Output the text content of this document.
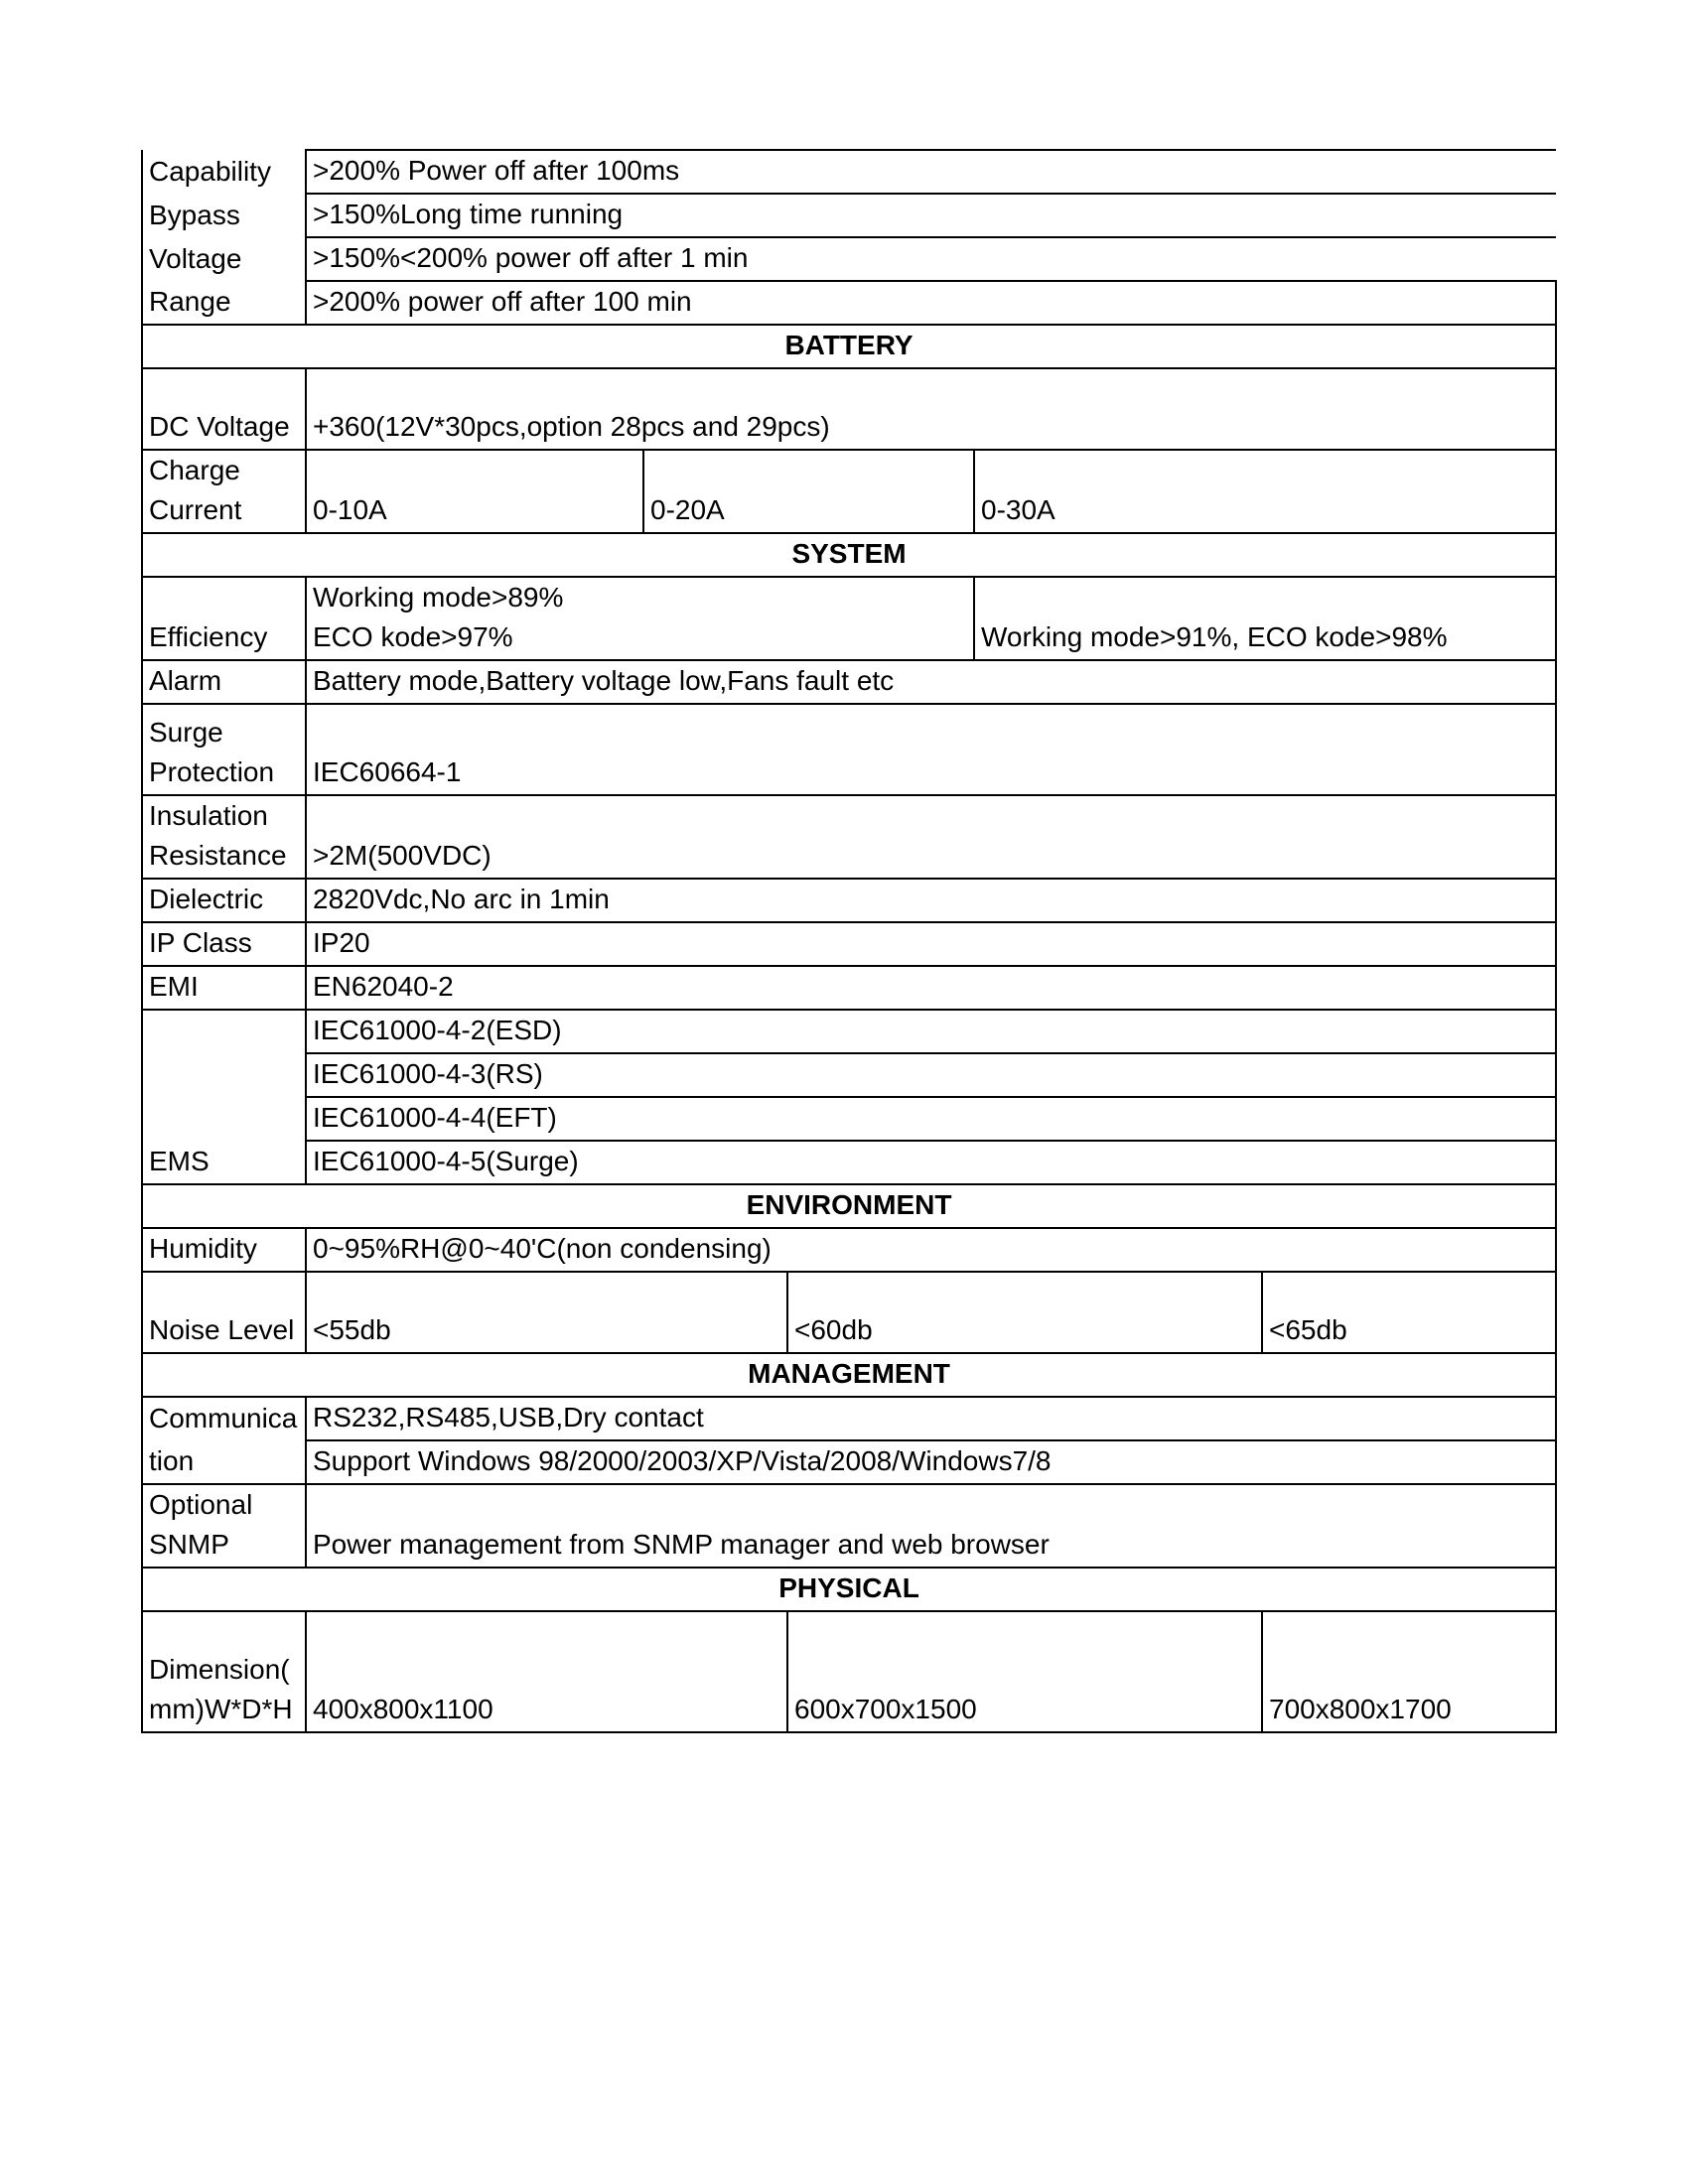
Capability	>200% Power off after 100ms				
Bypass	>150%Long time running				
Voltage	>150%<200% power off after 1 min				
Range	>200% power off after 100 min				
BATTERY					
DC Voltage	+360(12V*30pcs,option 28pcs and 29pcs)				

Charge
Current	0-10A	0-20A		0-30A	
SYSTEM					
Efficiency	Working mode>89%
ECO kode>97%			Working mode>91%, ECO kode>98%	
Alarm	Battery mode,Battery voltage low,Fans fault etc				

Surge
Protection	IEC60664-1				

Insulation
Resistance	>2M(500VDC)				
Dielectric	2820Vdc,No arc in 1min				
IP Class	IP20				
EMI	EN62040-2				
EMS	IEC61000-4-2(ESD)				
	IEC61000-4-3(RS)				
	IEC61000-4-4(EFT)				
	IEC61000-4-5(Surge)				
ENVIRONMENT					
Humidity	0~95%RH@0~40'C(non condensing)				
Noise Level	<55db		<60db		<65db
MANAGEMENT					
Communica	RS232,RS485,USB,Dry contact				
tion	Support Windows 98/2000/2003/XP/Vista/2008/Windows7/8				

Optional
SNMP	Power management from SNMP manager and web browser				
PHYSICAL					

Dimension(
mm)W*D*H	400x800x1100		600x700x1500		700x800x1700
